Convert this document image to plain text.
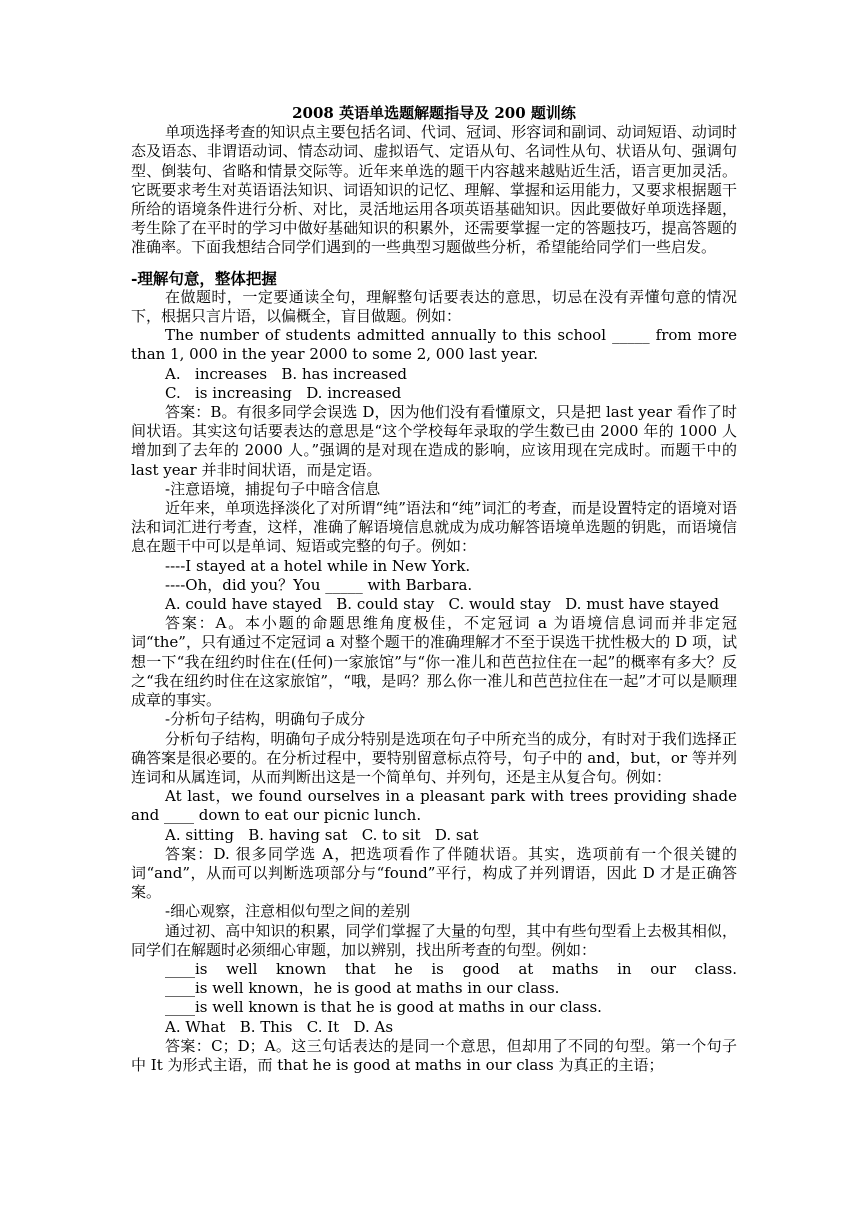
2008 英语单选题解题指导及 200 题训练

单项选择考查的知识点主要包括名词、代词、冠词、形容词和副词、动词短语、动词时态及语态、非谓语动词、情态动词、虚拟语气、定语从句、名词性从句、状语从句、强调句型、倒装句、省略和情景交际等。近年来单选的题干内容越来越贴近生活，语言更加灵活。它既要求考生对英语语法知识、词语知识的记忆、理解、掌握和运用能力，又要求根据题干所给的语境条件进行分析、对比，灵活地运用各项英语基础知识。因此要做好单项选择题，考生除了在平时的学习中做好基础知识的积累外，还需要掌握一定的答题技巧，提高答题的准确率。下面我想结合同学们遇到的一些典型习题做些分析，希望能给同学们一些启发。

-理解句意，整体把握

在做题时，一定要通读全句，理解整句话要表达的意思，切忌在没有弄懂句意的情况下，根据只言片语，以偏概全，盲目做题。例如：

The number of students admitted annually to this school _____ from more than 1, 000 in the year 2000 to some 2, 000 last year.

A.   increases   B. has increased

C.   is increasing   D. increased

答案：B。有很多同学会误选 D，因为他们没有看懂原文，只是把 last year 看作了时间状语。其实这句话要表达的意思是“这个学校每年录取的学生数已由 2000 年的 1000 人增加到了去年的 2000 人。”强调的是对现在造成的影响，应该用现在完成时。而题干中的 last year 并非时间状语，而是定语。

-注意语境，捕捉句子中暗含信息

近年来，单项选择淡化了对所谓“纯”语法和“纯”词汇的考查，而是设置特定的语境对语法和词汇进行考查，这样，准确了解语境信息就成为成功解答语境单选题的钥匙，而语境信息在题干中可以是单词、短语或完整的句子。例如：

----I stayed at a hotel while in New York.

----Oh，did you？You _____ with Barbara.

A. could have stayed   B. could stay   C. would stay   D. must have stayed

答案：A。本小题的命题思维角度极佳，不定冠词 a 为语境信息词而并非定冠词“the”，只有通过不定冠词 a 对整个题干的准确理解才不至于误选干扰性极大的 D 项，试想一下“我在纽约时住在(任何)一家旅馆”与“你一准儿和芭芭拉住在一起”的概率有多大？反之“我在纽约时住在这家旅馆”，“哦，是吗？那么你一准儿和芭芭拉住在一起”才可以是顺理成章的事实。

-分析句子结构，明确句子成分

分析句子结构，明确句子成分特别是选项在句子中所充当的成分，有时对于我们选择正确答案是很必要的。在分析过程中，要特别留意标点符号，句子中的 and，but，or 等并列连词和从属连词，从而判断出这是一个简单句、并列句，还是主从复合句。例如：

At last，we found ourselves in a pleasant park with trees providing shade and ____ down to eat our picnic lunch.

A. sitting   B. having sat   C. to sit   D. sat

答案：D. 很多同学选 A，把选项看作了伴随状语。其实，选项前有一个很关键的词“and”，从而可以判断选项部分与“found”平行，构成了并列谓语，因此 D 才是正确答案。

-细心观察，注意相似句型之间的差别

通过初、高中知识的积累，同学们掌握了大量的句型，其中有些句型看上去极其相似，同学们在解题时必须细心审题，加以辨别，找出所考查的句型。例如：

____is well known that he is good at maths in our class.

____is well known，he is good at maths in our class.

____is well known is that he is good at maths in our class.

A. What   B. This   C. It   D. As

答案：C；D；A。这三句话表达的是同一个意思，但却用了不同的句型。第一个句子中 It 为形式主语，而 that he is good at maths in our class 为真正的主语；
